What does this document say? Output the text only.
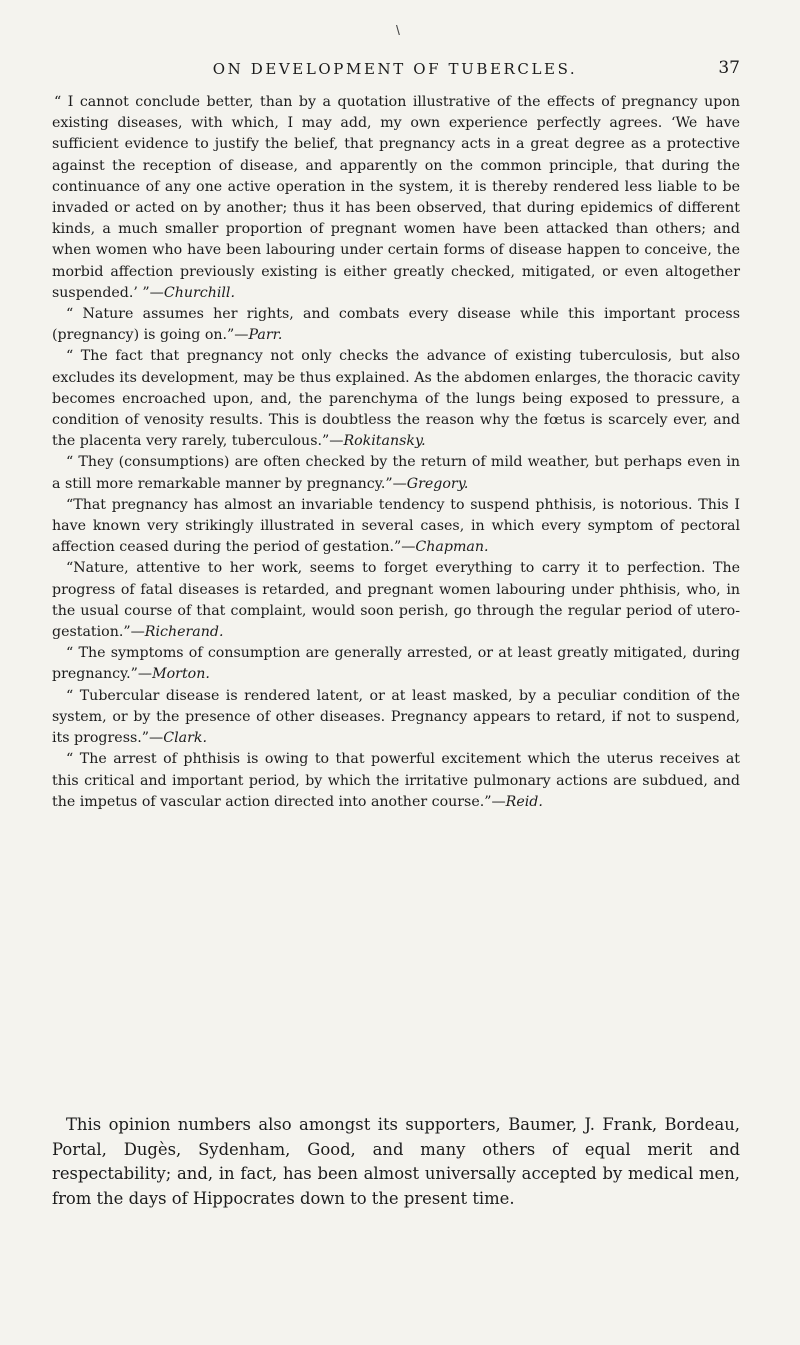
\
ON DEVELOPMENT OF TUBERCLES.	37

“ I cannot conclude better, than by a quotation illustrative of the effects of pregnancy upon existing diseases, with which, I may add, my own experience perfectly agrees. ‘We have sufficient evidence to justify the belief, that pregnancy acts in a great degree as a protective against the reception of disease, and apparently on the common principle, that during the continuance of any one active operation in the system, it is thereby rendered less liable to be invaded or acted on by another; thus it has been observed, that during epidemics of different kinds, a much smaller proportion of pregnant women have been attacked than others; and when women who have been labouring under certain forms of disease happen to conceive, the morbid affection previously existing is either greatly checked, mitigated, or even altogether suspended.’ ”—Churchill.

“ Nature assumes her rights, and combats every disease while this important process (pregnancy) is going on.”—Parr.

“ The fact that pregnancy not only checks the advance of existing tuberculosis, but also excludes its development, may be thus explained. As the abdomen enlarges, the thoracic cavity becomes encroached upon, and, the parenchyma of the lungs being exposed to pressure, a condition of venosity results. This is doubtless the reason why the fœtus is scarcely ever, and the placenta very rarely, tuberculous.”—Rokitansky.

“ They (consumptions) are often checked by the return of mild weather, but perhaps even in a still more remarkable manner by pregnancy.”—Gregory.

“That pregnancy has almost an invariable tendency to suspend phthisis, is notorious. This I have known very strikingly illustrated in several cases, in which every symptom of pectoral affection ceased during the period of gestation.”—Chapman.

“Nature, attentive to her work, seems to forget everything to carry it to perfection. The progress of fatal diseases is retarded, and pregnant women labouring under phthisis, who, in the usual course of that complaint, would soon perish, go through the regular period of utero-gestation.”—Richerand.

“ The symptoms of consumption are generally arrested, or at least greatly mitigated, during pregnancy.”—Morton.

“ Tubercular disease is rendered latent, or at least masked, by a peculiar condition of the system, or by the presence of other diseases. Pregnancy appears to retard, if not to suspend, its progress.”—Clark.

“ The arrest of phthisis is owing to that powerful excitement which the uterus receives at this critical and important period, by which the irritative pulmonary actions are subdued, and the impetus of vascular action directed into another course.”—Reid.

This opinion numbers also amongst its supporters, Baumer, J. Frank, Bordeau, Portal, Dugès, Sydenham, Good, and many others of equal merit and respectability; and, in fact, has been almost universally accepted by medical men, from the days of Hippocrates down to the present time.
